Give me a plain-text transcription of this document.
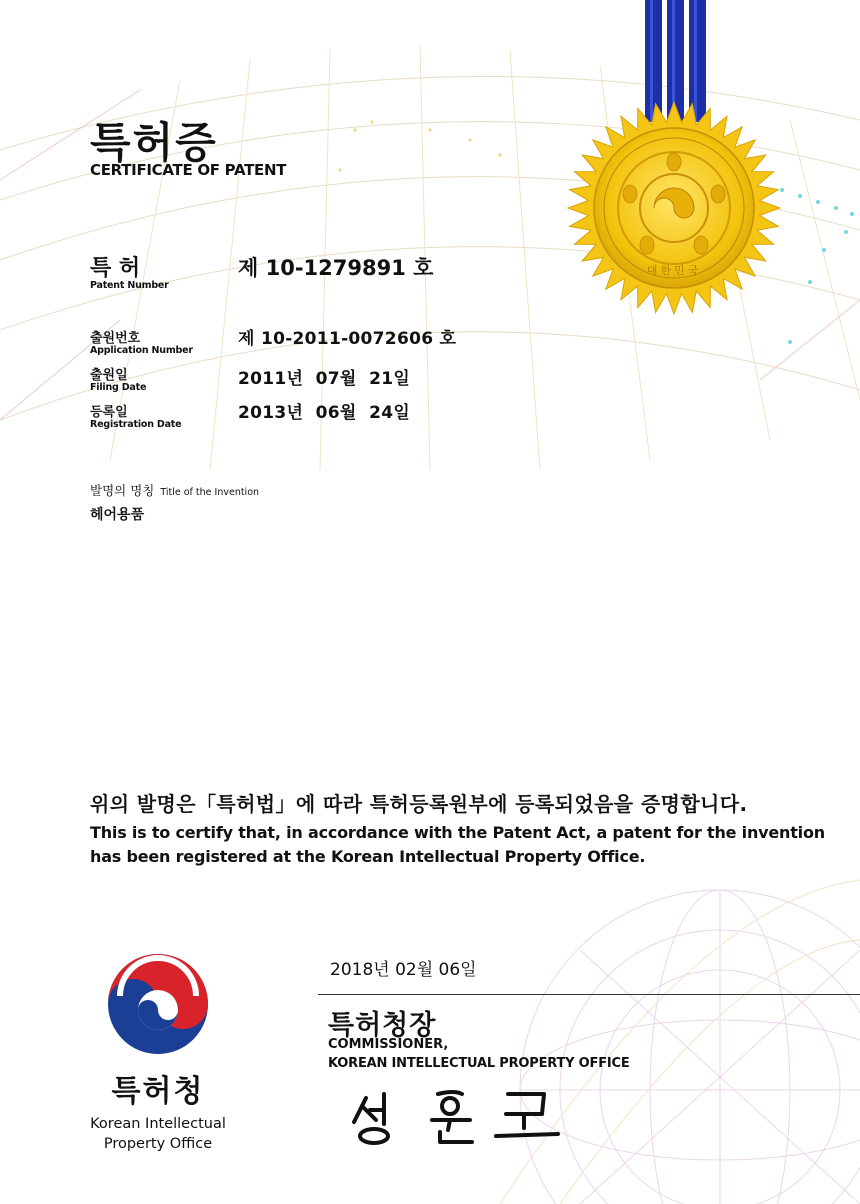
대한민국
특허증
CERTIFICATE OF PATENT
특 허
Patent Number
제 10-1279891 호
출원번호
Application Number
제 10-2011-0072606 호
출원일
Filing Date	2011년  07월  21일
등록일
Registration Date
2013년  06월  24일
발명의 명칭 Title of the Invention
헤어용품
위의 발명은「특허법」에 따라 특허등록원부에 등록되었음을 증명합니다.
This is to certify that, in accordance with the Patent Act, a patent for the invention has been registered at the Korean Intellectual Property Office.
특허청
Korean Intellectual Property Office
2018년 02월 06일
특허청장
COMMISSIONER,
KOREAN INTELLECTUAL PROPERTY OFFICE
